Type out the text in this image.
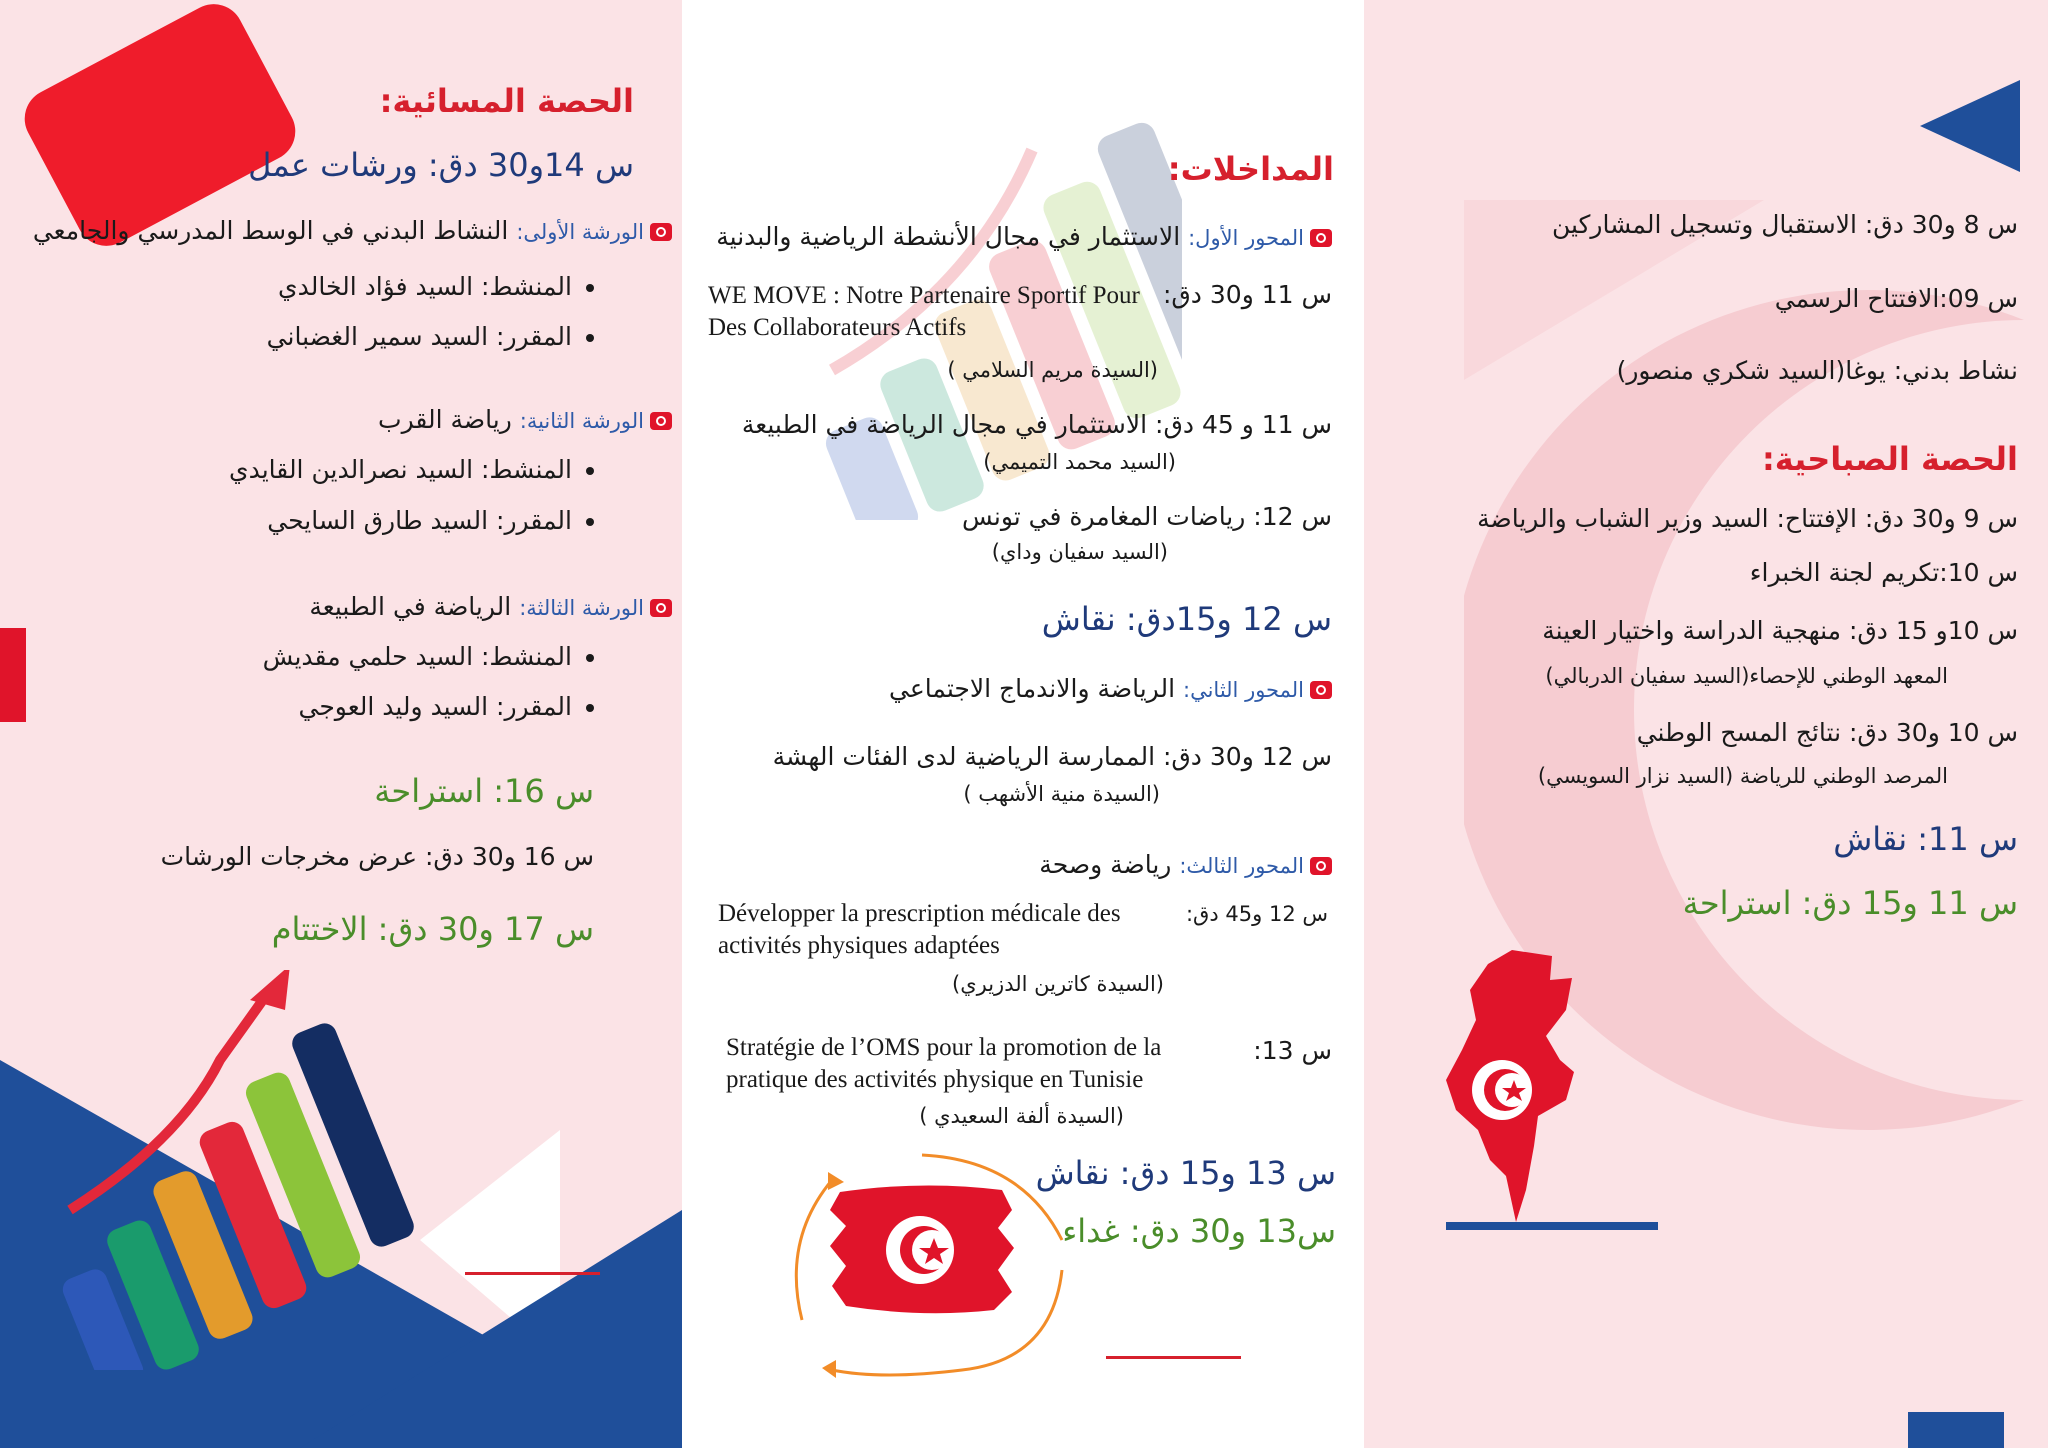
الحصة المسائية:
س 14و30 دق: ورشات عمل
الورشة الأولى: النشاط البدني في الوسط المدرسي والجامعي
المنشط: السيد فؤاد الخالدي
المقرر: السيد سمير الغضباني
الورشة الثانية: رياضة القرب
المنشط: السيد نصرالدين القايدي
المقرر: السيد طارق السايحي
الورشة الثالثة: الرياضة في الطبيعة
المنشط: السيد حلمي مقديش
المقرر: السيد وليد العوجي
س 16: استراحة
س 16 و30 دق: عرض مخرجات الورشات
س 17 و30 دق: الاختتام
المداخلات:
المحور الأول: الاستثمار في مجال الأنشطة الرياضية والبدنية
س 11 و30 دق:
WE MOVE : Notre Partenaire Sportif Pour Des Collaborateurs Actifs
(السيدة مريم السلامي )
س 11 و 45 دق: الاستثمار في مجال الرياضة في الطبيعة
(السيد محمد التميمي)
س 12: رياضات المغامرة في تونس
(السيد سفيان وداي)
س 12 و15دق: نقاش
المحور الثاني: الرياضة والاندماج الاجتماعي
س 12 و30 دق: الممارسة الرياضية لدى الفئات الهشة
(السيدة منية الأشهب )
المحور الثالث: رياضة وصحة
س 12 و45 دق:
Développer la prescription médicale des activités physiques adaptées
(السيدة كاترين الدزيري)
س 13:
Stratégie de l’OMS pour la promotion de la pratique des activités physique en Tunisie
(السيدة ألفة السعيدي )
س 13 و15 دق: نقاش
س13 و30 دق: غداء
س 8 و30 دق: الاستقبال وتسجيل المشاركين
س 09:الافتتاح الرسمي
نشاط بدني: يوغا(السيد شكري منصور)
الحصة الصباحية:
س 9 و30 دق: الإفتتاح: السيد وزير الشباب والرياضة
س 10:تكريم لجنة الخبراء
س 10و 15 دق: منهجية الدراسة واختيار العينة
المعهد الوطني للإحصاء(السيد سفيان الدربالي)
س 10 و30 دق: نتائج المسح الوطني
المرصد الوطني للرياضة (السيد نزار السويسي)
س 11: نقاش
س 11 و15 دق: استراحة
